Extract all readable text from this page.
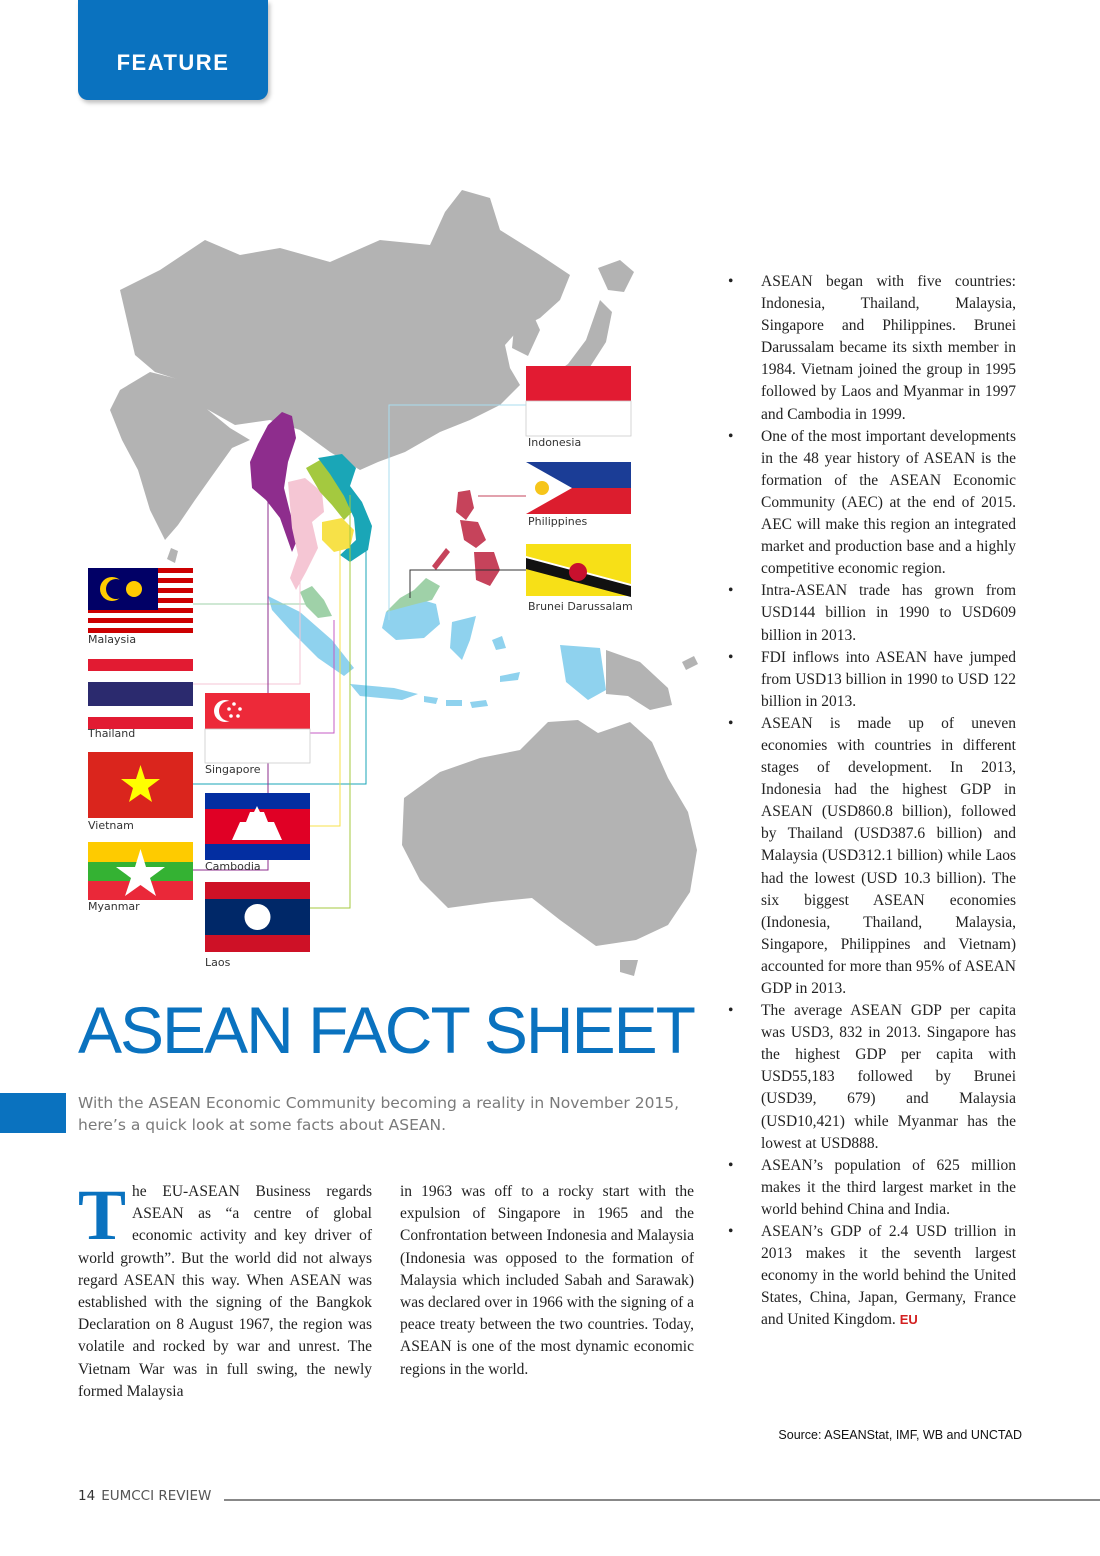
FEATURE
Indonesia
Philippines
Brunei Darussalam
Malaysia
Thailand
Singapore
Vietnam
Cambodia
Myanmar
Laos
ASEAN FACT SHEET
With the ASEAN Economic Community becoming a reality in November 2015, here’s a quick look at some facts about ASEAN.
T he EU-ASEAN Business regards ASEAN as “a centre of global economic activity and key driver of world growth”. But the world did not always regard ASEAN this way. When ASEAN was established with the signing of the Bangkok Declaration on 8 August 1967, the region was volatile and rocked by war and unrest. The Vietnam War was in full swing, the newly formed Malaysia
in 1963 was off to a rocky start with the expulsion of Singapore in 1965 and the Confrontation between Indonesia and Malaysia (Indonesia was opposed to the formation of Malaysia which included Sabah and Sarawak) was declared over in 1966 with the signing of a peace treaty between the two countries. Today, ASEAN is one of the most dynamic economic regions in the world.
• ASEAN began with five countries: Indonesia, Thailand, Malaysia, Singapore and Philippines. Brunei Darussalam became its sixth member in 1984. Vietnam joined the group in 1995 followed by Laos and Myanmar in 1997 and Cambodia in 1999.
• One of the most important developments in the 48 year history of ASEAN is the formation of the ASEAN Economic Community (AEC) at the end of 2015. AEC will make this region an integrated market and production base and a highly competitive economic region.
• Intra-ASEAN trade has grown from USD144 billion in 1990 to USD609 billion in 2013.
• FDI inflows into ASEAN have jumped from USD13 billion in 1990 to USD 122 billion in 2013.
• ASEAN is made up of uneven economies with countries in different stages of development. In 2013, Indonesia had the highest GDP in ASEAN (USD860.8 billion), followed by Thailand (USD387.6 billion) and Malaysia (USD312.1 billion) while Laos had the lowest (USD 10.3 billion). The six biggest ASEAN economies (Indonesia, Thailand, Malaysia, Singapore, Philippines and Vietnam) accounted for more than 95% of ASEAN GDP in 2013.
• The average ASEAN GDP per capita was USD3, 832 in 2013. Singapore has the highest GDP per capita with USD55,183 followed by Brunei (USD39, 679) and Malaysia (USD10,421) while Myanmar has the lowest at USD888.
• ASEAN’s population of 625 million makes it the third largest market in the world behind China and India.
• ASEAN’s GDP of 2.4 USD trillion in 2013 makes it the seventh largest economy in the world behind the United States, China, Japan, Germany, France and United Kingdom. EU
Source: ASEANStat, IMF, WB and UNCTAD
14 EUMCCI REVIEW
